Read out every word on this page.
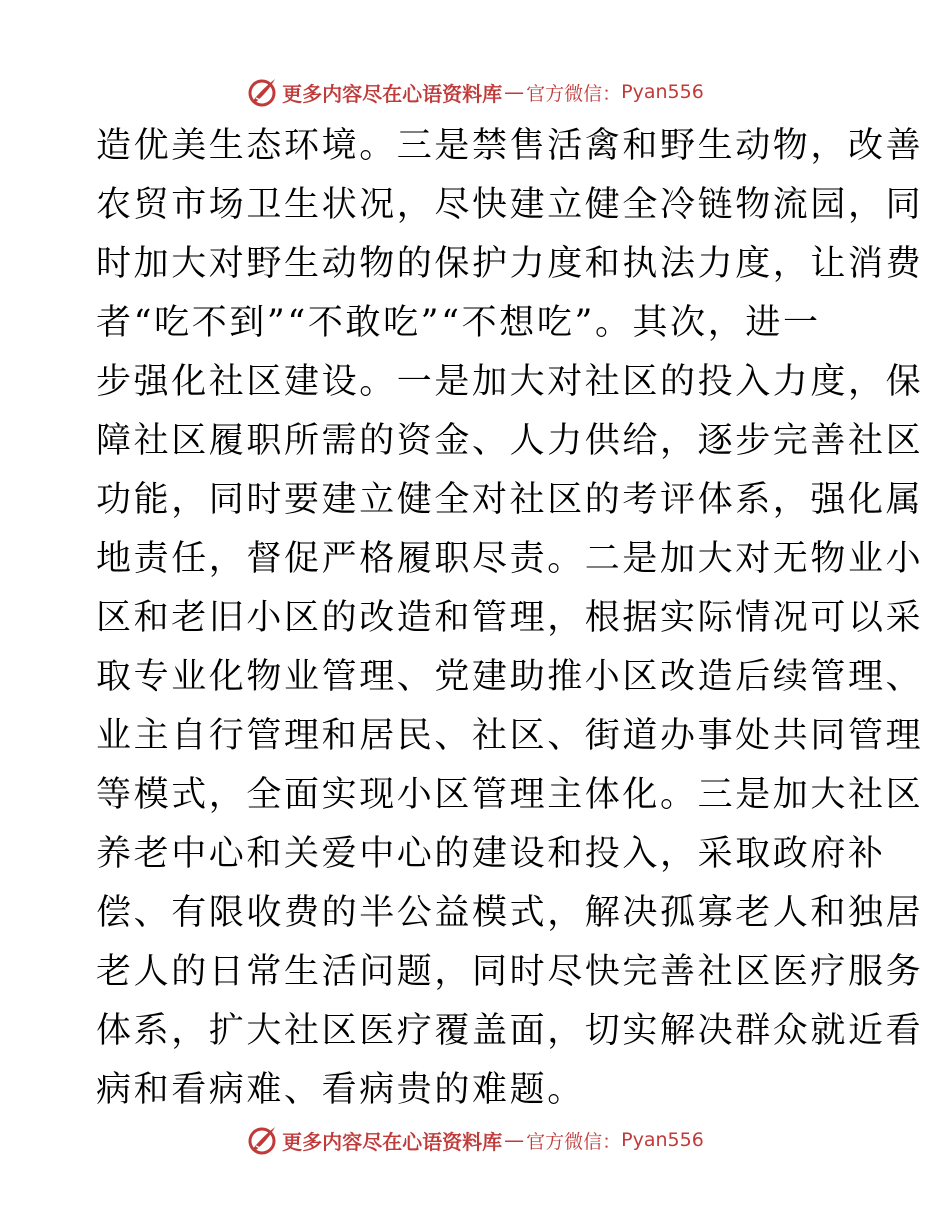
更多内容尽在心语资料库 — 官方微信： Pyan556
造优美生态环境。三是禁售活禽和野生动物，改善
农贸市场卫生状况，尽快建立健全冷链物流园，同
时加大对野生动物的保护力度和执法力度，让消费
者“吃不到”“不敢吃”“不想吃”。其次，进一
步强化社区建设。一是加大对社区的投入力度，保
障社区履职所需的资金、人力供给，逐步完善社区
功能，同时要建立健全对社区的考评体系，强化属
地责任，督促严格履职尽责。二是加大对无物业小
区和老旧小区的改造和管理，根据实际情况可以采
取专业化物业管理、党建助推小区改造后续管理、
业主自行管理和居民、社区、街道办事处共同管理
等模式，全面实现小区管理主体化。三是加大社区
养老中心和关爱中心的建设和投入，采取政府补
偿、有限收费的半公益模式，解决孤寡老人和独居
老人的日常生活问题，同时尽快完善社区医疗服务
体系，扩大社区医疗覆盖面，切实解决群众就近看
病和看病难、看病贵的难题。
更多内容尽在心语资料库 — 官方微信： Pyan556
